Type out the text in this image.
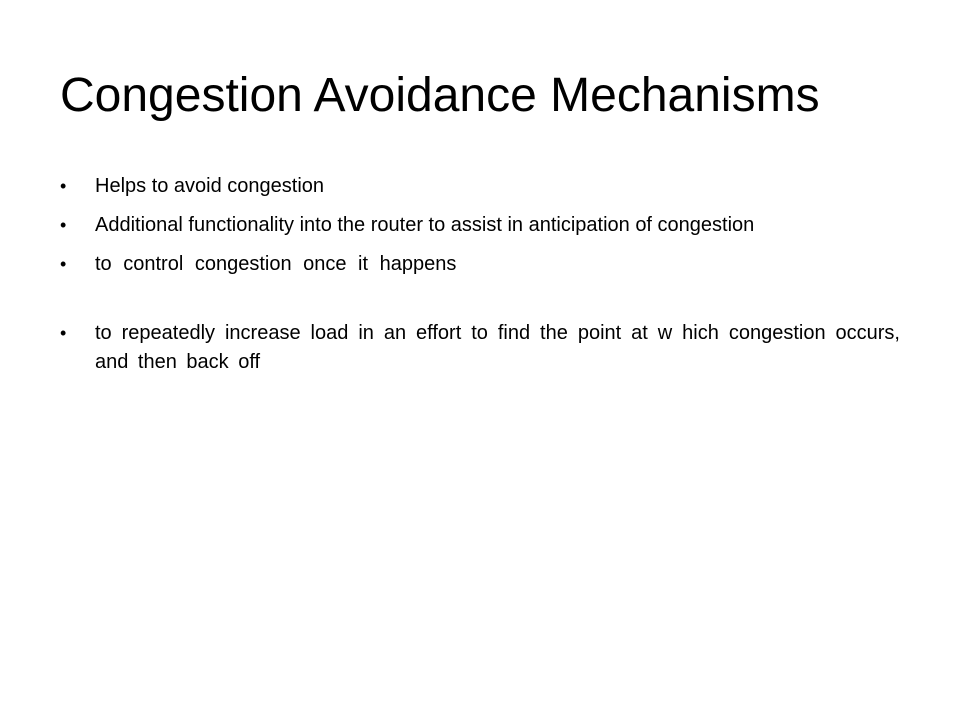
Congestion Avoidance Mechanisms
•	Helps to avoid congestion
•	Additional functionality into the router to assist in anticipation of congestion
•	to control congestion once it happens
•	to repeatedly increase load in an effort to find the point at w hich congestion occurs, and then back off
